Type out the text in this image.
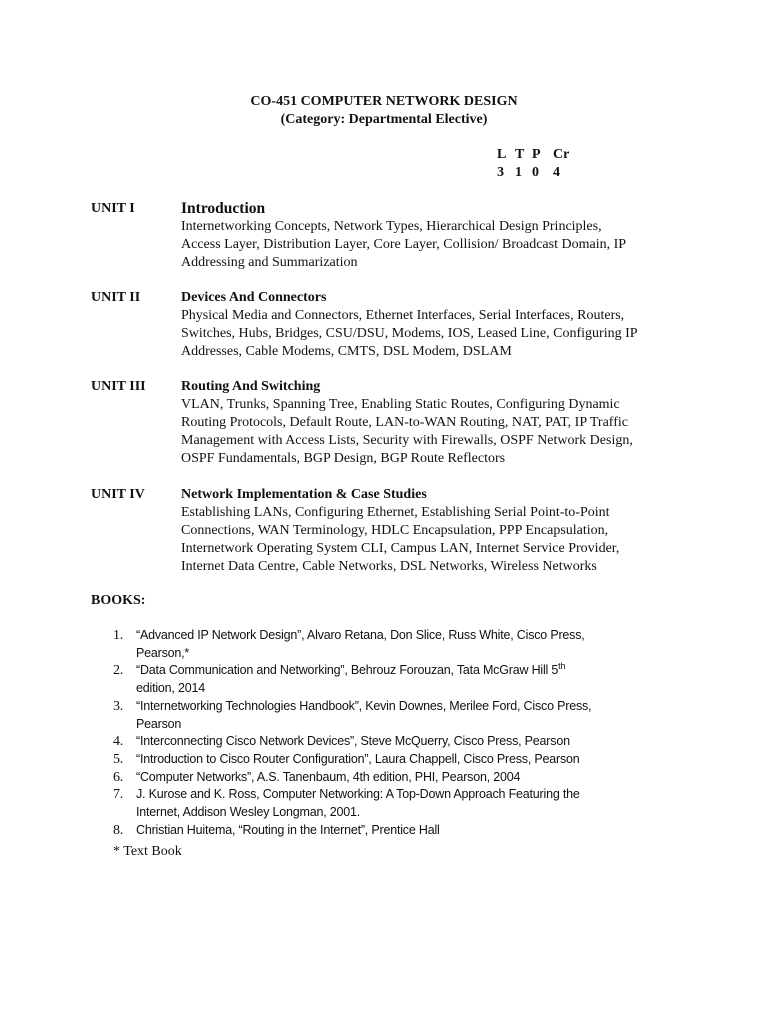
CO-451 COMPUTER NETWORK DESIGN
(Category: Departmental Elective)
L T P Cr
3 1 0 4
UNIT I	Introduction
Internetworking Concepts, Network Types, Hierarchical Design Principles,
Access Layer, Distribution Layer, Core Layer, Collision/ Broadcast Domain, IP
Addressing and Summarization
UNIT II	Devices And Connectors
Physical Media and Connectors, Ethernet Interfaces, Serial Interfaces, Routers,
Switches, Hubs, Bridges, CSU/DSU, Modems, IOS, Leased Line, Configuring IP
Addresses, Cable Modems, CMTS, DSL Modem, DSLAM
UNIT III	Routing And Switching
VLAN, Trunks, Spanning Tree, Enabling Static Routes, Configuring Dynamic
Routing Protocols, Default Route, LAN-to-WAN Routing, NAT, PAT, IP Traffic
Management with Access Lists, Security with Firewalls, OSPF Network Design,
OSPF Fundamentals, BGP Design, BGP Route Reflectors
UNIT IV	Network Implementation & Case Studies
Establishing LANs, Configuring Ethernet, Establishing Serial Point-to-Point
Connections, WAN Terminology, HDLC Encapsulation, PPP Encapsulation,
Internetwork Operating System CLI, Campus LAN, Internet Service Provider,
Internet Data Centre, Cable Networks, DSL Networks, Wireless Networks
BOOKS:
1. “Advanced IP Network Design”, Alvaro Retana, Don Slice, Russ White, Cisco Press,
Pearson,*
2. “Data Communication and Networking”, Behrouz Forouzan, Tata McGraw Hill 5th
edition, 2014
3. “Internetworking Technologies Handbook”, Kevin Downes, Merilee Ford, Cisco Press,
Pearson
4. “Interconnecting Cisco Network Devices”, Steve McQuerry, Cisco Press, Pearson
5. “Introduction to Cisco Router Configuration”, Laura Chappell, Cisco Press, Pearson
6. “Computer Networks”, A.S. Tanenbaum, 4th edition, PHI, Pearson, 2004
7. J. Kurose and K. Ross, Computer Networking: A Top-Down Approach Featuring the
Internet, Addison Wesley Longman, 2001.
8. Christian Huitema, “Routing in the Internet”, Prentice Hall
* Text Book
